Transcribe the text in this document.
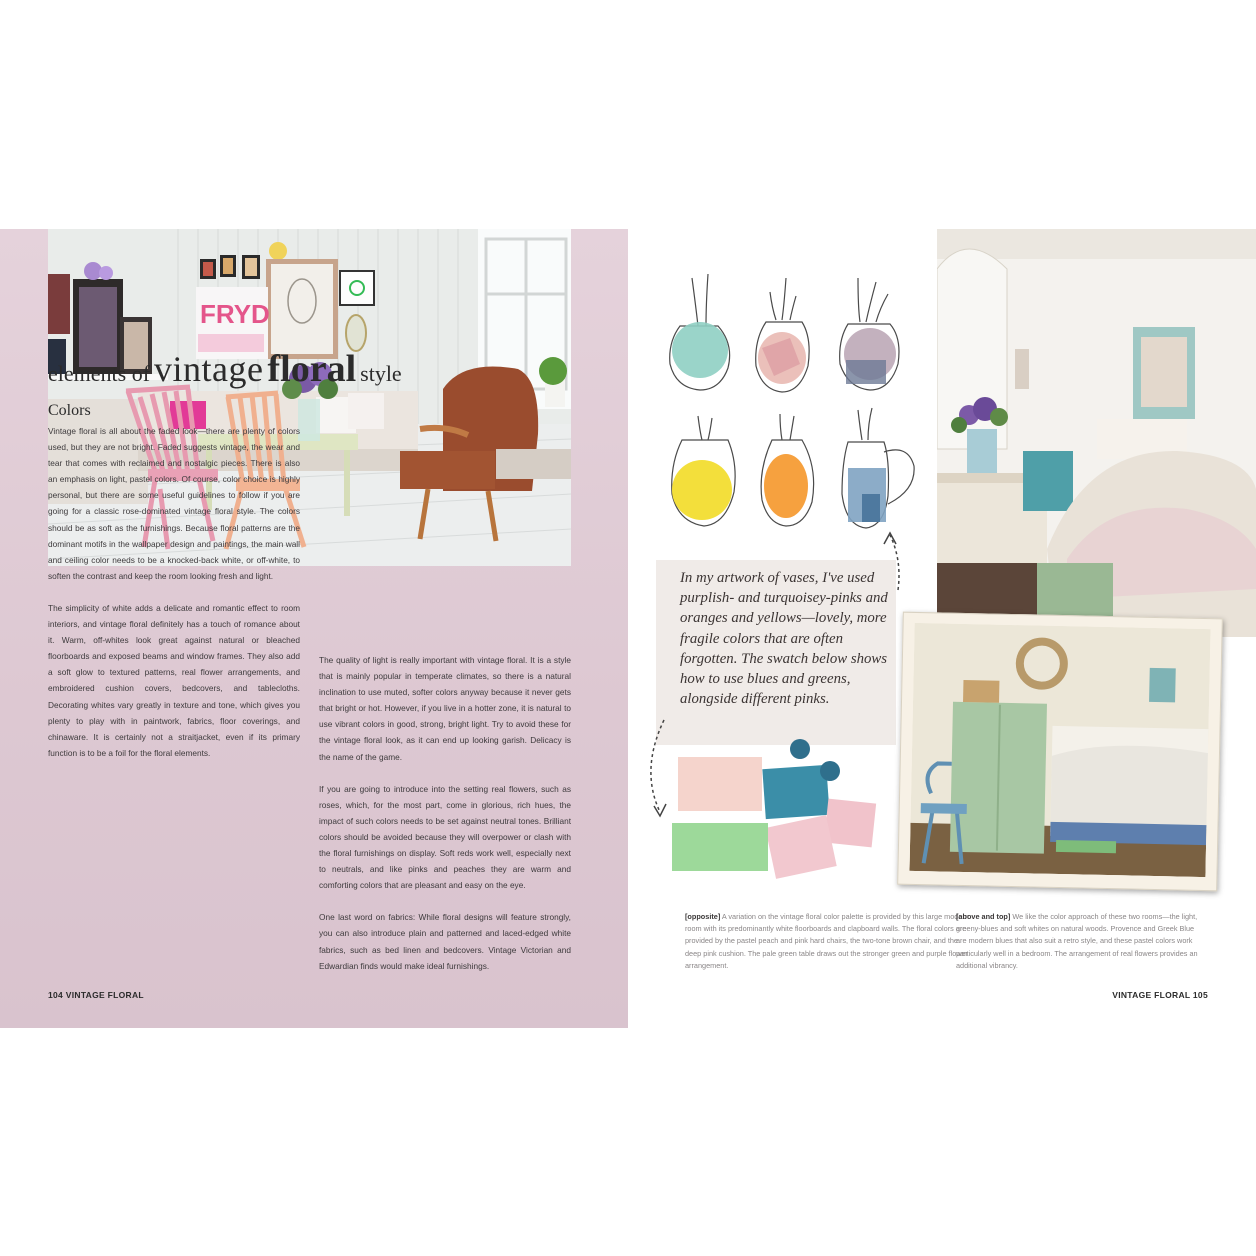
FRYD
elements of vintage floral style
Colors

Vintage floral is all about the faded look—there are plenty of colors used, but they are not bright. Faded suggests vintage, the wear and tear that comes with reclaimed and nostalgic pieces. There is also an emphasis on light, pastel colors. Of course, color choice is highly personal, but there are some useful guidelines to follow if you are going for a classic rose-dominated vintage floral style. The colors should be as soft as the furnishings. Because floral patterns are the dominant motifs in the wallpaper design and paintings, the main wall and ceiling color needs to be a knocked-back white, or off-white, to soften the contrast and keep the room looking fresh and light.

The simplicity of white adds a delicate and romantic effect to room interiors, and vintage floral definitely has a touch of romance about it. Warm, off-whites look great against natural or bleached floorboards and exposed beams and window frames. They also add a soft glow to textured patterns, real flower arrangements, and embroidered cushion covers, bedcovers, and tablecloths. Decorating whites vary greatly in texture and tone, which gives you plenty to play with in paintwork, fabrics, floor coverings, and chinaware. It is certainly not a straitjacket, even if its primary function is to be a foil for the floral elements.

The quality of light is really important with vintage floral. It is a style that is mainly popular in temperate climates, so there is a natural inclination to use muted, softer colors anyway because it never gets that bright or hot. However, if you live in a hotter zone, it is natural to use vibrant colors in good, strong, bright light. Try to avoid these for the vintage floral look, as it can end up looking garish. Delicacy is the name of the game.

If you are going to introduce into the setting real flowers, such as roses, which, for the most part, come in glorious, rich hues, the impact of such colors needs to be set against neutral tones. Brilliant colors should be avoided because they will overpower or clash with the floral furnishings on display. Soft reds work well, especially next to neutrals, and like pinks and peaches they are warm and comforting colors that are pleasant and easy on the eye.

One last word on fabrics: While floral designs will feature strongly, you can also introduce plain and patterned and laced-edged white fabrics, such as bed linen and bedcovers. Vintage Victorian and Edwardian finds would make ideal furnishings.

104 VINTAGE FLORAL	VINTAGE FLORAL 105
In my artwork of vases, I've used purplish- and turquoisey-pinks and oranges and yellows—lovely, more fragile colors that are often forgotten. The swatch below shows how to use blues and greens, alongside different pinks.
[opposite] A variation on the vintage floral color palette is provided by this large modern room with its predominantly white floorboards and clapboard walls. The floral colors are provided by the pastel peach and pink hard chairs, the two-tone brown chair, and the deep pink cushion. The pale green table draws out the stronger green and purple flower arrangement.
[above and top] We like the color approach of these two rooms—the light, greeny-blues and soft whites on natural woods. Provence and Greek Blue are modern blues that also suit a retro style, and these pastel colors work particularly well in a bedroom. The arrangement of real flowers provides an additional vibrancy.
